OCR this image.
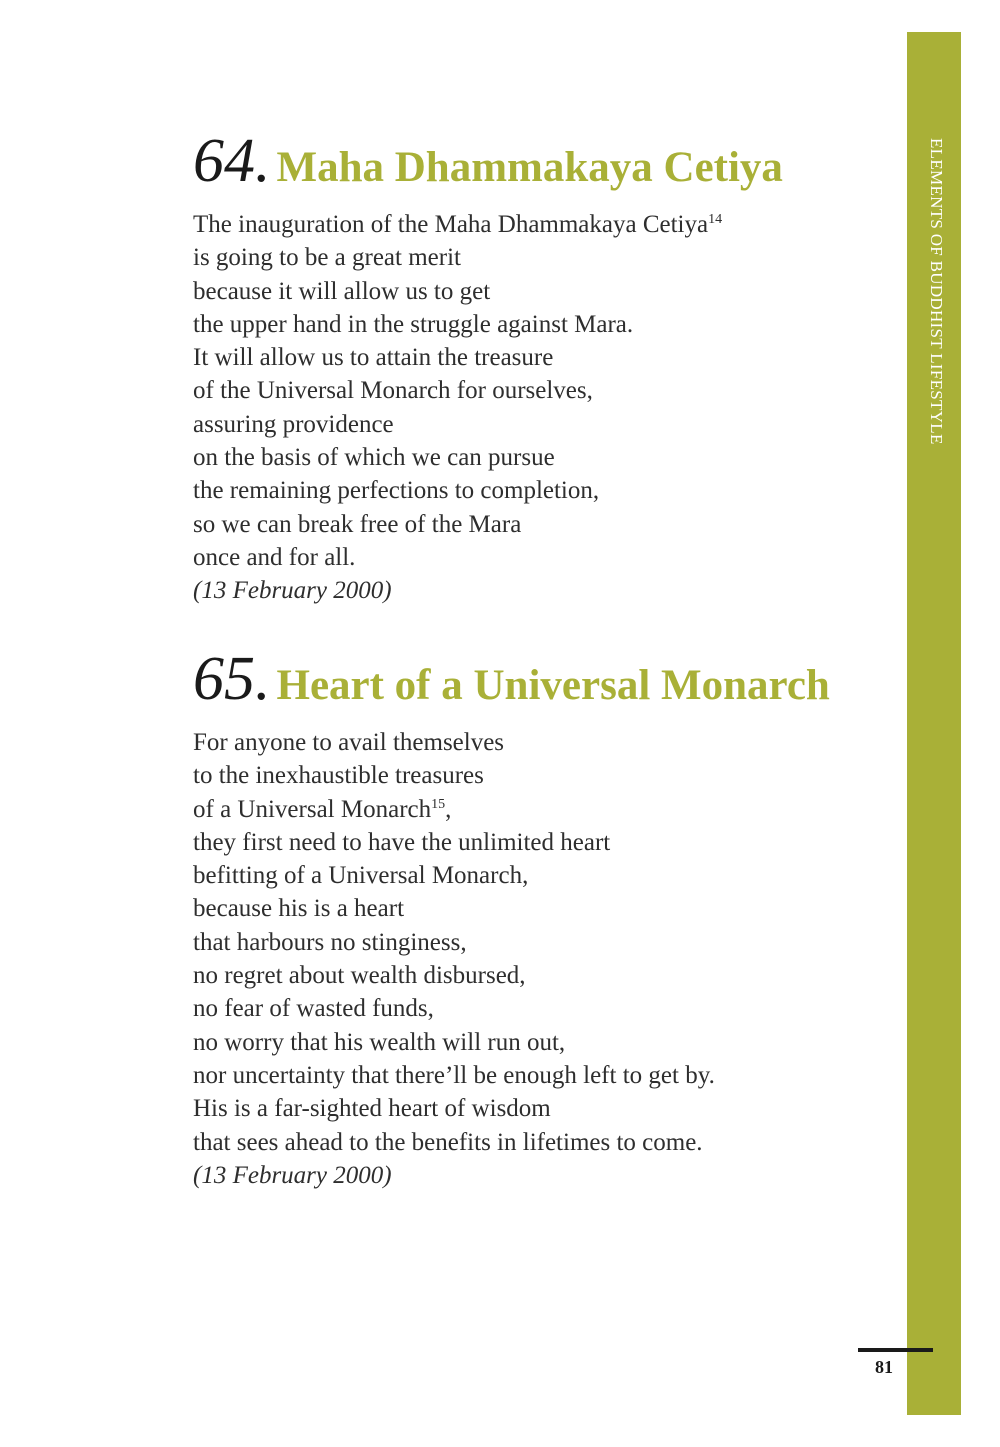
ELEMENTS OF BUDDHIST LIFESTYLE
64. Maha Dhammakaya Cetiya
The inauguration of the Maha Dhammakaya Cetiya$^{14}$
is going to be a great merit
because it will allow us to get
the upper hand in the struggle against Mara.
It will allow us to attain the treasure
of the Universal Monarch for ourselves,
assuring providence
on the basis of which we can pursue
the remaining perfections to completion,
so we can break free of the Mara
once and for all.
(13 February 2000)
65. Heart of a Universal Monarch
For anyone to avail themselves
to the inexhaustible treasures
of a Universal Monarch$^{15}$,
they first need to have the unlimited heart
befitting of a Universal Monarch,
because his is a heart
that harbours no stinginess,
no regret about wealth disbursed,
no fear of wasted funds,
no worry that his wealth will run out,
nor uncertainty that there’ll be enough left to get by.
His is a far-sighted heart of wisdom
that sees ahead to the benefits in lifetimes to come.
(13 February 2000)
81
